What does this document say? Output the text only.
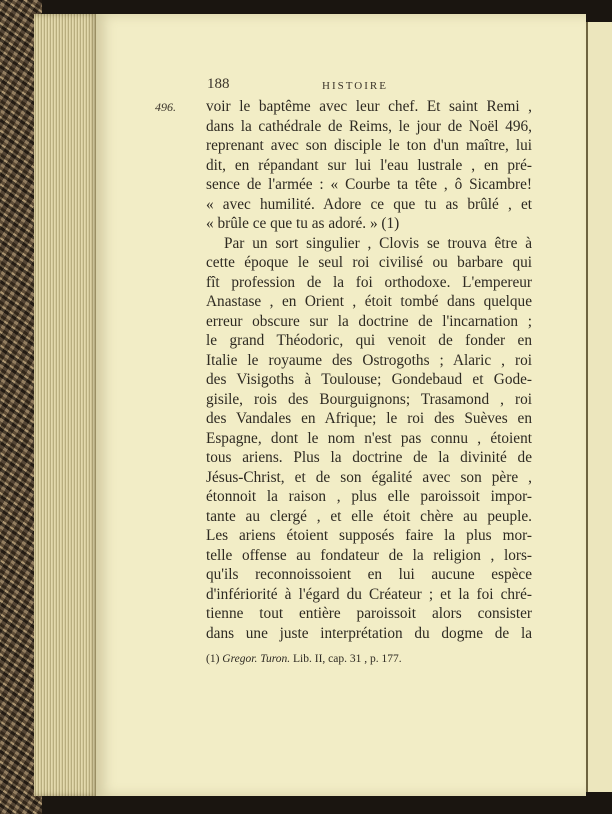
188	HISTOIRE
496. voir le baptême avec leur chef. Et saint Remi ,
dans la cathédrale de Reims, le jour de Noël 496,
reprenant avec son disciple le ton d'un maître, lui
dit, en répandant sur lui l'eau lustrale , en pré-
sence de l'armée : « Courbe ta tête , ô Sicambre!
« avec humilité. Adore ce que tu as brûlé , et
« brûle ce que tu as adoré. » (1)
Par un sort singulier , Clovis se trouva être à
cette époque le seul roi civilisé ou barbare qui
fît profession de la foi orthodoxe. L'empereur
Anastase , en Orient , étoit tombé dans quelque
erreur obscure sur la doctrine de l'incarnation ;
le grand Théodoric, qui venoit de fonder en
Italie le royaume des Ostrogoths ; Alaric , roi
des Visigoths à Toulouse; Gondebaud et Gode-
gisile, rois des Bourguignons; Trasamond , roi
des Vandales en Afrique; le roi des Suèves en
Espagne, dont le nom n'est pas connu , étoient
tous ariens. Plus la doctrine de la divinité de
Jésus-Christ, et de son égalité avec son père ,
étonnoit la raison , plus elle paroissoit impor-
tante au clergé , et elle étoit chère au peuple.
Les ariens étoient supposés faire la plus mor-
telle offense au fondateur de la religion , lors-
qu'ils reconnoissoient en lui aucune espèce
d'infériorité à l'égard du Créateur ; et la foi chré-
tienne tout entière paroissoit alors consister
dans une juste interprétation du dogme de la
(1) Gregor. Turon. Lib. II, cap. 31 , p. 177.
